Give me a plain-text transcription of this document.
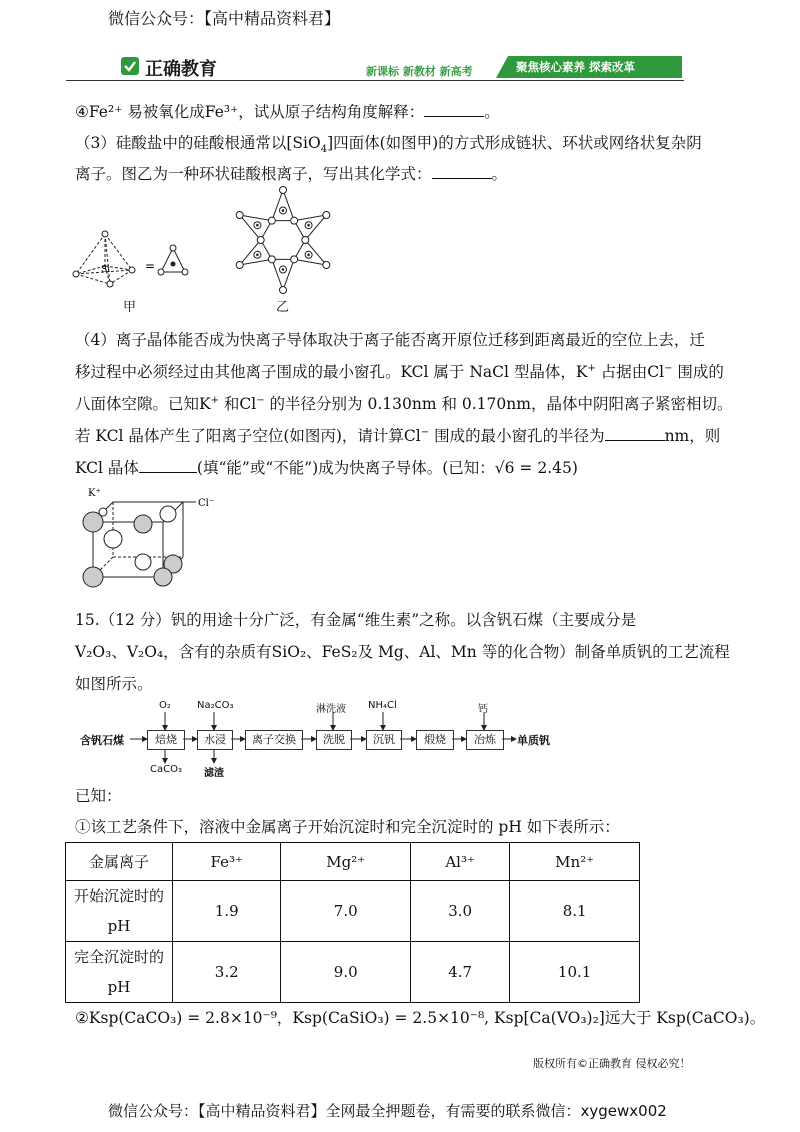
微信公众号：【高中精品资料君】
正确教育	新课标 新教材 新高考	聚焦核心素养 探索改革
④Fe²⁺ 易被氧化成Fe³⁺，试从原子结构角度解释：	。
（3）硅酸盐中的硅酸根通常以[SiO$_4$]四面体(如图甲)的方式形成链状、环状或网络状复杂阴
离子。图乙为一种环状硅酸根离子，写出其化学式：	。
Si	=
甲	乙
（4）离子晶体能否成为快离子导体取决于离子能否离开原位迁移到距离最近的空位上去，迁
移过程中必须经过由其他离子围成的最小窗孔。KCl 属于 NaCl 型晶体，K+ 占据由Cl− 围成的
八面体空隙。已知K+ 和Cl− 的半径分别为 0.130nm 和 0.170nm，晶体中阴阳离子紧密相切。
若 KCl 晶体产生了阳离子空位(如图丙)，请计算Cl− 围成的最小窗孔的半径为	nm，则
KCl 晶体	(填“能”或“不能”)成为快离子导体。(已知：√6 = 2.45)
K⁺
Cl⁻
15.（12 分）钒的用途十分广泛，有金属“维生素”之称。以含钒石煤（主要成分是
V₂O₃、V₂O₄，含有的杂质有SiO₂、FeS₂及 Mg、Al、Mn 等的化合物）制备单质钒的工艺流程
如图所示。
含钒石煤	焙烧	水浸	离子交换	洗脱	沉钒	煅烧	冶炼	单质钒
O₂	Na₂CO₃	淋洗液 NH₄Cl	钙
CaCO₃ 滤渣
已知：
①该工艺条件下，溶液中金属离子开始沉淀时和完全沉淀时的 pH 如下表所示：
金属离子	Fe³⁺	Mg²⁺	Al³⁺	Mn²⁺
开始沉淀时的
pH	1.9	7.0	3.0	8.1
完全沉淀时的
pH	3.2	9.0	4.7	10.1
②Ksp(CaCO₃) = 2.8×10⁻⁹，Ksp(CaSiO₃) = 2.5×10⁻⁸, Ksp[Ca(VO₃)₂]远大于 Ksp(CaCO₃)。
版权所有©正确教育 侵权必究！
微信公众号：【高中精品资料君】全网最全押题卷，有需要的联系微信：xygewx002
